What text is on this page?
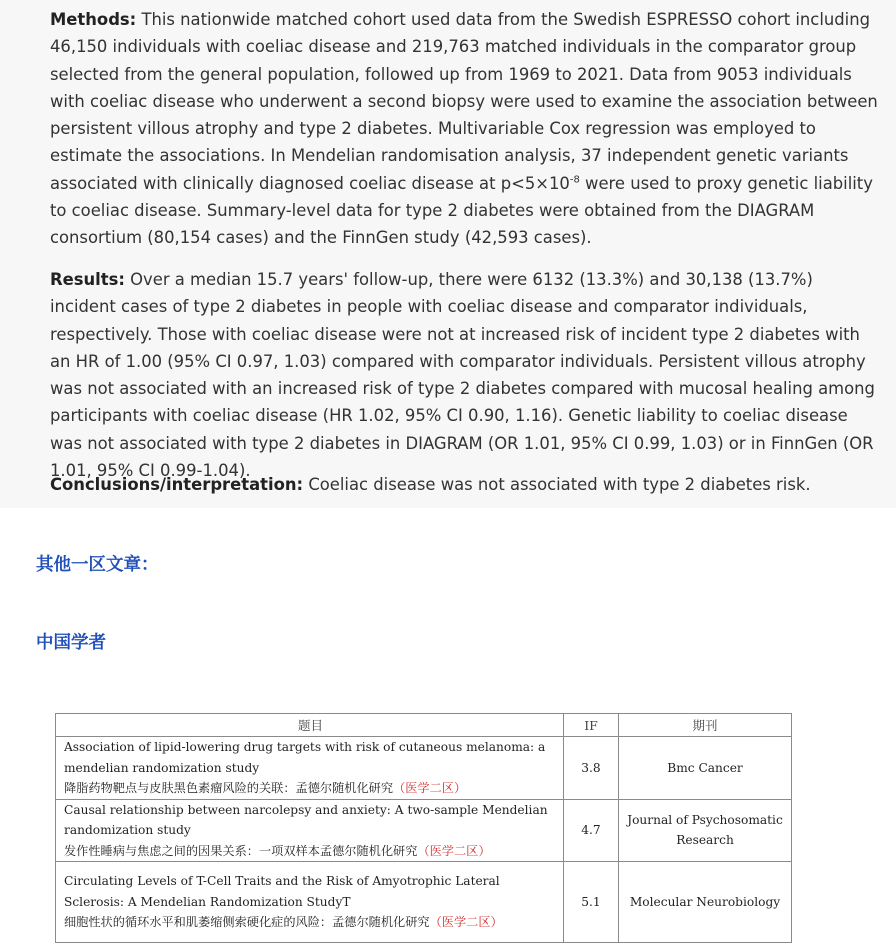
Methods: This nationwide matched cohort used data from the Swedish ESPRESSO cohort including 46,150 individuals with coeliac disease and 219,763 matched individuals in the comparator group selected from the general population, followed up from 1969 to 2021. Data from 9053 individuals with coeliac disease who underwent a second biopsy were used to examine the association between persistent villous atrophy and type 2 diabetes. Multivariable Cox regression was employed to estimate the associations. In Mendelian randomisation analysis, 37 independent genetic variants associated with clinically diagnosed coeliac disease at $p<5\times 10^{-8}$ were used to proxy genetic liability to coeliac disease. Summary-level data for type 2 diabetes were obtained from the DIAGRAM consortium (80,154 cases) and the FinnGen study (42,593 cases).

Results: Over a median 15.7 years' follow-up, there were 6132 (13.3%) and 30,138 (13.7%) incident cases of type 2 diabetes in people with coeliac disease and comparator individuals, respectively. Those with coeliac disease were not at increased risk of incident type 2 diabetes with an HR of 1.00 (95% CI 0.97, 1.03) compared with comparator individuals. Persistent villous atrophy was not associated with an increased risk of type 2 diabetes compared with mucosal healing among participants with coeliac disease (HR 1.02, 95% CI 0.90, 1.16). Genetic liability to coeliac disease was not associated with type 2 diabetes in DIAGRAM (OR 1.01, 95% CI 0.99, 1.03) or in FinnGen (OR 1.01, 95% CI 0.99-1.04).

Conclusions/interpretation: Coeliac disease was not associated with type 2 diabetes risk.

其他一区文章：
中国学者
题目	IF	期刊

Association of lipid-lowering drug targets with risk of cutaneous melanoma: a mendelian randomization study
降脂药物靶点与皮肤黑色素瘤风险的关联：孟德尔随机化研究（医学二区）	3.8	Bmc Cancer

Causal relationship between narcolepsy and anxiety: A two-sample Mendelian randomization study
发作性睡病与焦虑之间的因果关系：一项双样本孟德尔随机化研究（医学二区）	4.7	Journal of Psychosomatic Research

Circulating Levels of T-Cell Traits and the Risk of Amyotrophic Lateral Sclerosis: A Mendelian Randomization StudyT
细胞性状的循环水平和肌萎缩侧索硬化症的风险：孟德尔随机化研究（医学二区）	5.1	Molecular Neurobiology
